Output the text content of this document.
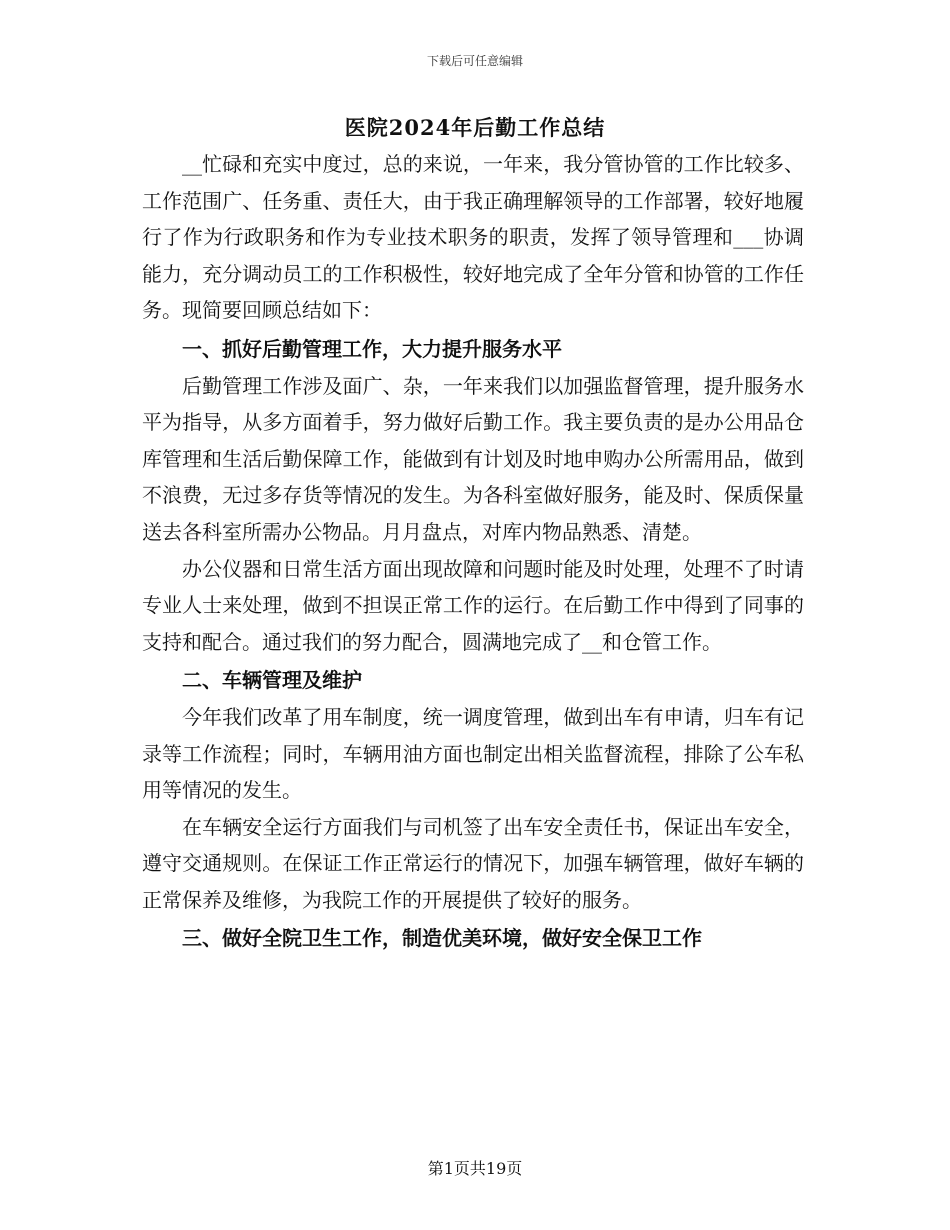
下载后可任意编辑
医院2024年后勤工作总结

__忙碌和充实中度过，总的来说，一年来，我分管协管的工作比较多、工作范围广、任务重、责任大，由于我正确理解领导的工作部署，较好地履行了作为行政职务和作为专业技术职务的职责，发挥了领导管理和___协调能力，充分调动员工的工作积极性，较好地完成了全年分管和协管的工作任务。现简要回顾总结如下：

一、抓好后勤管理工作，大力提升服务水平

后勤管理工作涉及面广、杂，一年来我们以加强监督管理，提升服务水平为指导，从多方面着手，努力做好后勤工作。我主要负责的是办公用品仓库管理和生活后勤保障工作，能做到有计划及时地申购办公所需用品，做到不浪费，无过多存货等情况的发生。为各科室做好服务，能及时、保质保量送去各科室所需办公物品。月月盘点，对库内物品熟悉、清楚。

办公仪器和日常生活方面出现故障和问题时能及时处理，处理不了时请专业人士来处理，做到不担误正常工作的运行。在后勤工作中得到了同事的支持和配合。通过我们的努力配合，圆满地完成了__和仓管工作。

二、车辆管理及维护

今年我们改革了用车制度，统一调度管理，做到出车有申请，归车有记录等工作流程；同时，车辆用油方面也制定出相关监督流程，排除了公车私用等情况的发生。

在车辆安全运行方面我们与司机签了出车安全责任书，保证出车安全，遵守交通规则。在保证工作正常运行的情况下，加强车辆管理，做好车辆的正常保养及维修，为我院工作的开展提供了较好的服务。

三、做好全院卫生工作，制造优美环境，做好安全保卫工作

第1页共19页
